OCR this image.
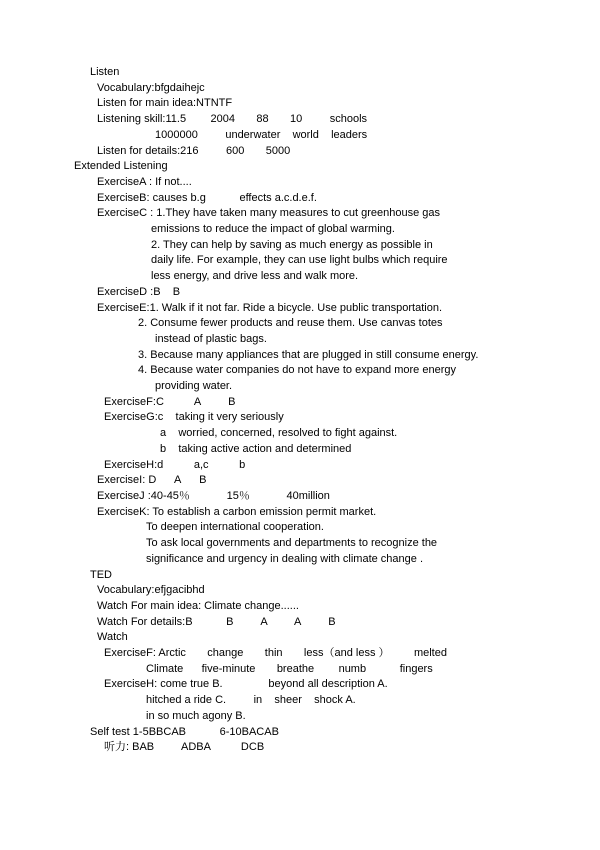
Listen
Vocabulary:bfgdaihejc
Listen for main idea:NTNTF
Listening skill:11.5        2004       88       10         schools
1000000         underwater    world    leaders
Listen for details:216         600       5000
Extended Listening
ExerciseA : If not....
ExerciseB: causes b.g           effects a.c.d.e.f.
ExerciseC : 1.They have taken many measures to cut greenhouse gas
emissions to reduce the impact of global warming.
2. They can help by saving as much energy as possible in
daily life. For example, they can use light bulbs which require
less energy, and drive less and walk more.
ExerciseD :B    B
ExerciseE:1. Walk if it not far. Ride a bicycle. Use public transportation.
2. Consume fewer products and reuse them. Use canvas totes
instead of plastic bags.
3. Because many appliances that are plugged in still consume energy.
4. Because water companies do not have to expand more energy
providing water.
ExerciseF:C          A         B
ExerciseG:c    taking it very seriously
a    worried, concerned, resolved to fight against.
b    taking active action and determined
ExerciseH:d          a,c          b
ExerciseI: D      A      B
ExerciseJ :40-45％            15％            40million
ExerciseK: To establish a carbon emission permit market.
To deepen international cooperation.
To ask local governments and departments to recognize the
significance and urgency in dealing with climate change .
TED
Vocabulary:efjgacibhd
Watch For main idea: Climate change......
Watch For details:B           B         A         A         B
Watch
ExerciseF: Arctic       change       thin       less（and less ）        melted
Climate      five-minute       breathe        numb           fingers
ExerciseH: come true B.               beyond all description A.
hitched a ride C.         in    sheer    shock A.
in so much agony B.
Self test 1-5BBCAB           6-10BACAB
听力: BAB         ADBA          DCB
